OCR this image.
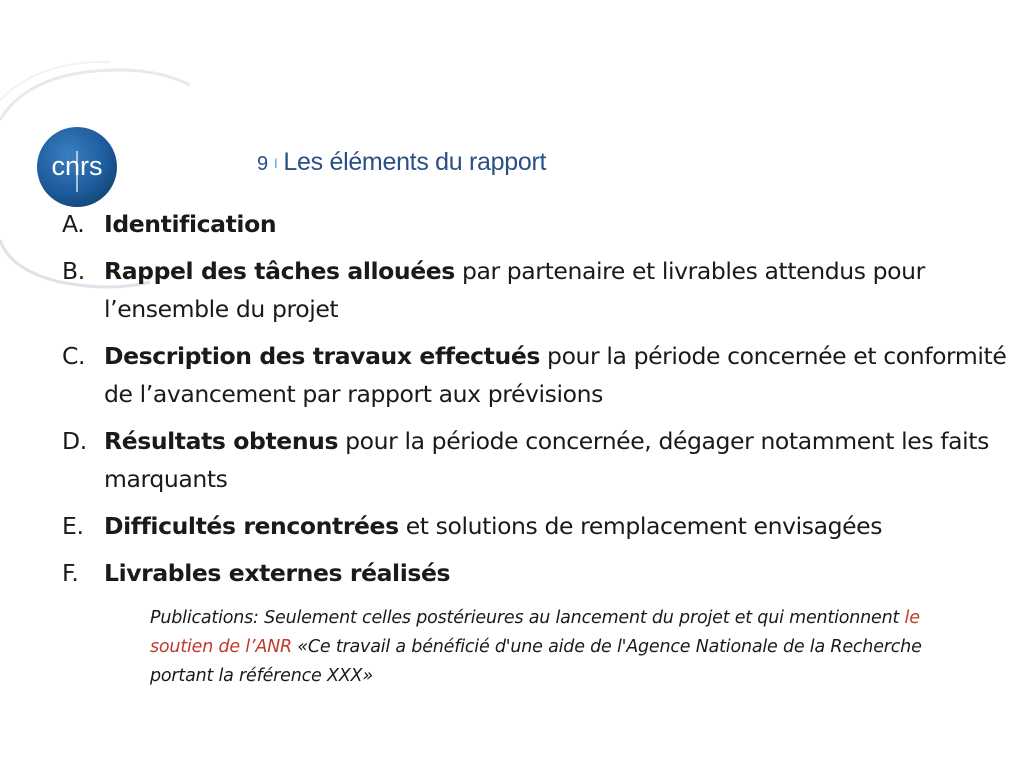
cnrs	9 I Les éléments du rapport
A. Identification
B. Rappel des tâches allouées par partenaire et livrables attendus pour l’ensemble du projet
C. Description des travaux effectués pour la période concernée et conformité de l’avancement par rapport aux prévisions
D. Résultats obtenus pour la période concernée, dégager notamment les faits marquants
E. Difficultés rencontrées et solutions de remplacement envisagées
F. Livrables externes réalisés
Publications: Seulement celles postérieures au lancement du projet et qui mentionnent le soutien de l’ANR «Ce travail a bénéficié d'une aide de l'Agence Nationale de la Recherche portant la référence XXX»
